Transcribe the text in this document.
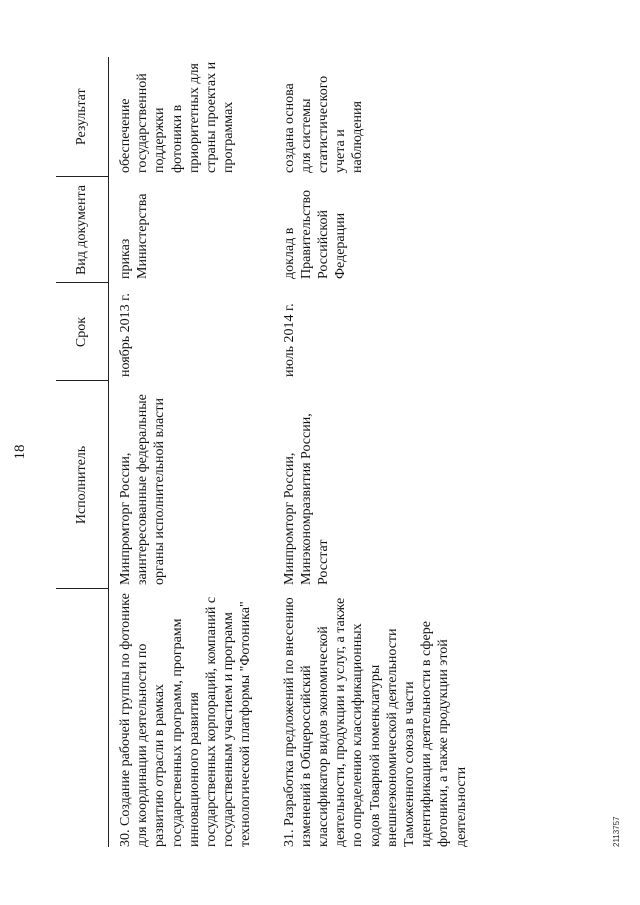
18
		Исполнитель	Срок	Вид документа	Результат
30. Создание рабочей группы по фотонике для координации деятельности по развитию отрасли в рамках государственных программ, программ инновационного развития государственных корпораций, компаний с государственным участием и программ технологической платформы "Фотоника"	Минпромторг России, заинтересованные федеральные органы исполнительной власти	ноябрь 2013 г.	приказ Министерства	обеспечение государственной поддержки фотоники в приоритетных для страны проектах и программах
31. Разработка предложений по внесению изменений в Общероссийский классификатор видов экономической деятельности, продукции и услуг, а также по определению классификационных кодов Товарной номенклатуры внешнеэкономической деятельности Таможенного союза в части идентификации деятельности в сфере фотоники, а также продукции этой деятельности	Минпромторг России, Минэкономразвития России, Росстат	июль 2014 г.	доклад в Правительство Российской Федерации	создана основа для системы статистического учета и наблюдения
2113757
